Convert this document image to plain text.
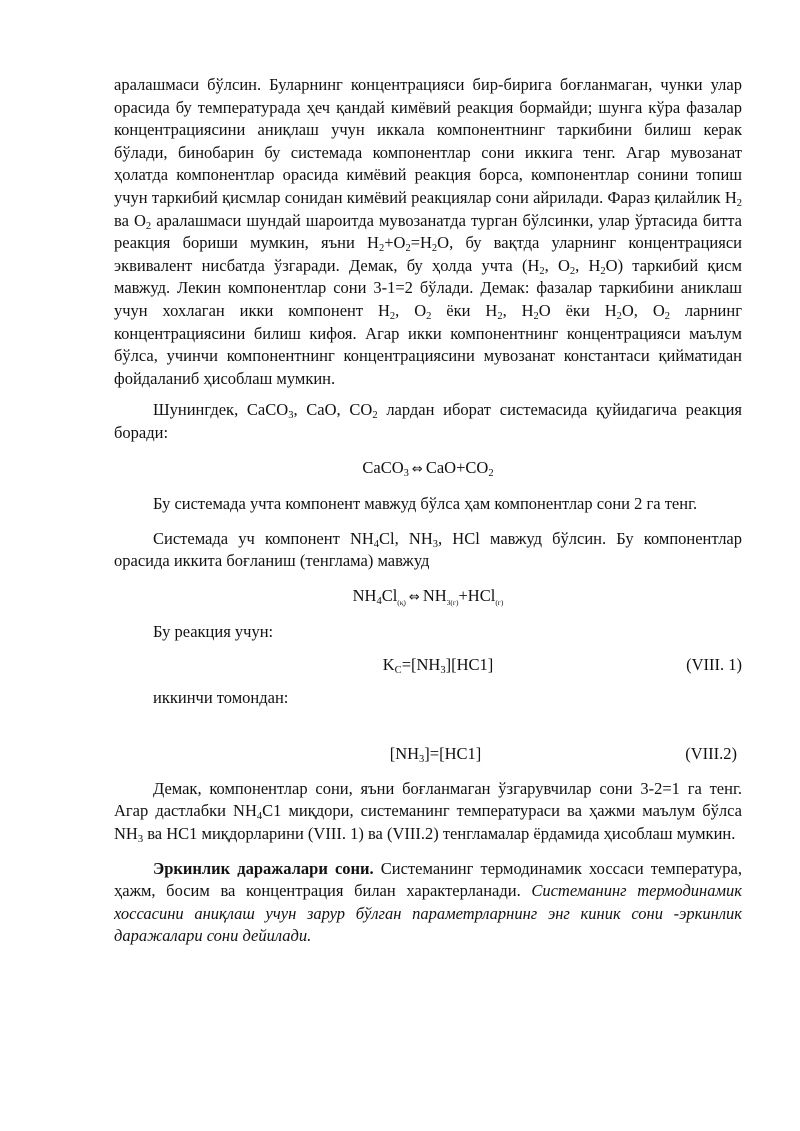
аралашмаси бўлсин. Буларнинг концентрацияси бир-бирига боғланмаган, чунки улар орасида бу температурада ҳеч қандай кимёвий реакция бормайди; шунга кўра фазалар концентрациясини аниқлаш учун иккала компонентнинг таркибини билиш керак бўлади, бинобарин бу системада компонентлар сони иккига тенг. Агар мувозанат ҳолатда компонентлар орасида кимёвий реакция борса, компонентлар сонини топиш учун таркибий қисмлар сонидан кимёвий реакциялар сони айрилади. Фараз қилайлик $H_2$ ва $O_2$ аралашмаси шундай шароитда мувозанатда турган бўлсинки, улар ўртасида битта реакция бориши мумкин, яъни $H_2+O_2=H_2O$, бу вақтда уларнинг концентрацияси эквивалент нисбатда ўзгаради. Демак, бу ҳолда учта ($H_2$, $O_2$, $H_2O$) таркибий қисм мавжуд. Лекин компонентлар сони 3-1=2 бўлади. Демак: фазалар таркибини аниклаш учун хохлаган икки компонент $H_2$, $O_2$ ёки $H_2$, $H_2O$ ёки $H_2O$, $O_2$ ларнинг концентрациясини билиш кифоя. Агар икки компонентнинг концентрацияси маълум бўлса, учинчи компонентнинг концентрациясини мувозанат константаси қийматидан фойдаланиб ҳисоблаш мумкин.

Шунингдек, CaCO$_3$, CaO, $CO_2$ лардан иборат системасида қуйидагича реакция боради:

CaCO$_3$ ⇔ $CaO+CO_2$

Бу системада учта компонент мавжуд бўлса ҳам компонентлар сони 2 га тенг.

Системада уч компонент $NH_4Cl$, $NH_3$, HCl мавжуд бўлсин. Бу компонентлар орасида иккита боғланиш (тенглама) мавжуд

$NH_4Cl_{(қ)}$ ⇔ $NH_{3(г)}+HCl_{(г)}$

Бу реакция учун:

$K_C=[NH_3][HC1]$	(VIII. 1)

иккинчи томондан:

$[NH_3]=[HC1]$	(VIII.2)

Демак, компонентлар сони, яъни боғланмаган ўзгарувчилар сони 3-2=1 га тенг. Агар дастлабки $NH_4C1$ миқдори, системанинг температураси ва ҳажми маълум бўлса $NH_3$ ва HC1 миқдорларини (VIII. 1) ва (VIII.2) тенгламалар ёрдамида ҳисоблаш мумкин.

Эркинлик даражалари сони. Системанинг термодинамик хоссаси температура, ҳажм, босим ва концентрация билан характерланади. Системанинг термодинамик хоссасини аниқлаш учун зарур бўлган параметрларнинг энг киник сони -эркинлик даражалари сони дейилади.
